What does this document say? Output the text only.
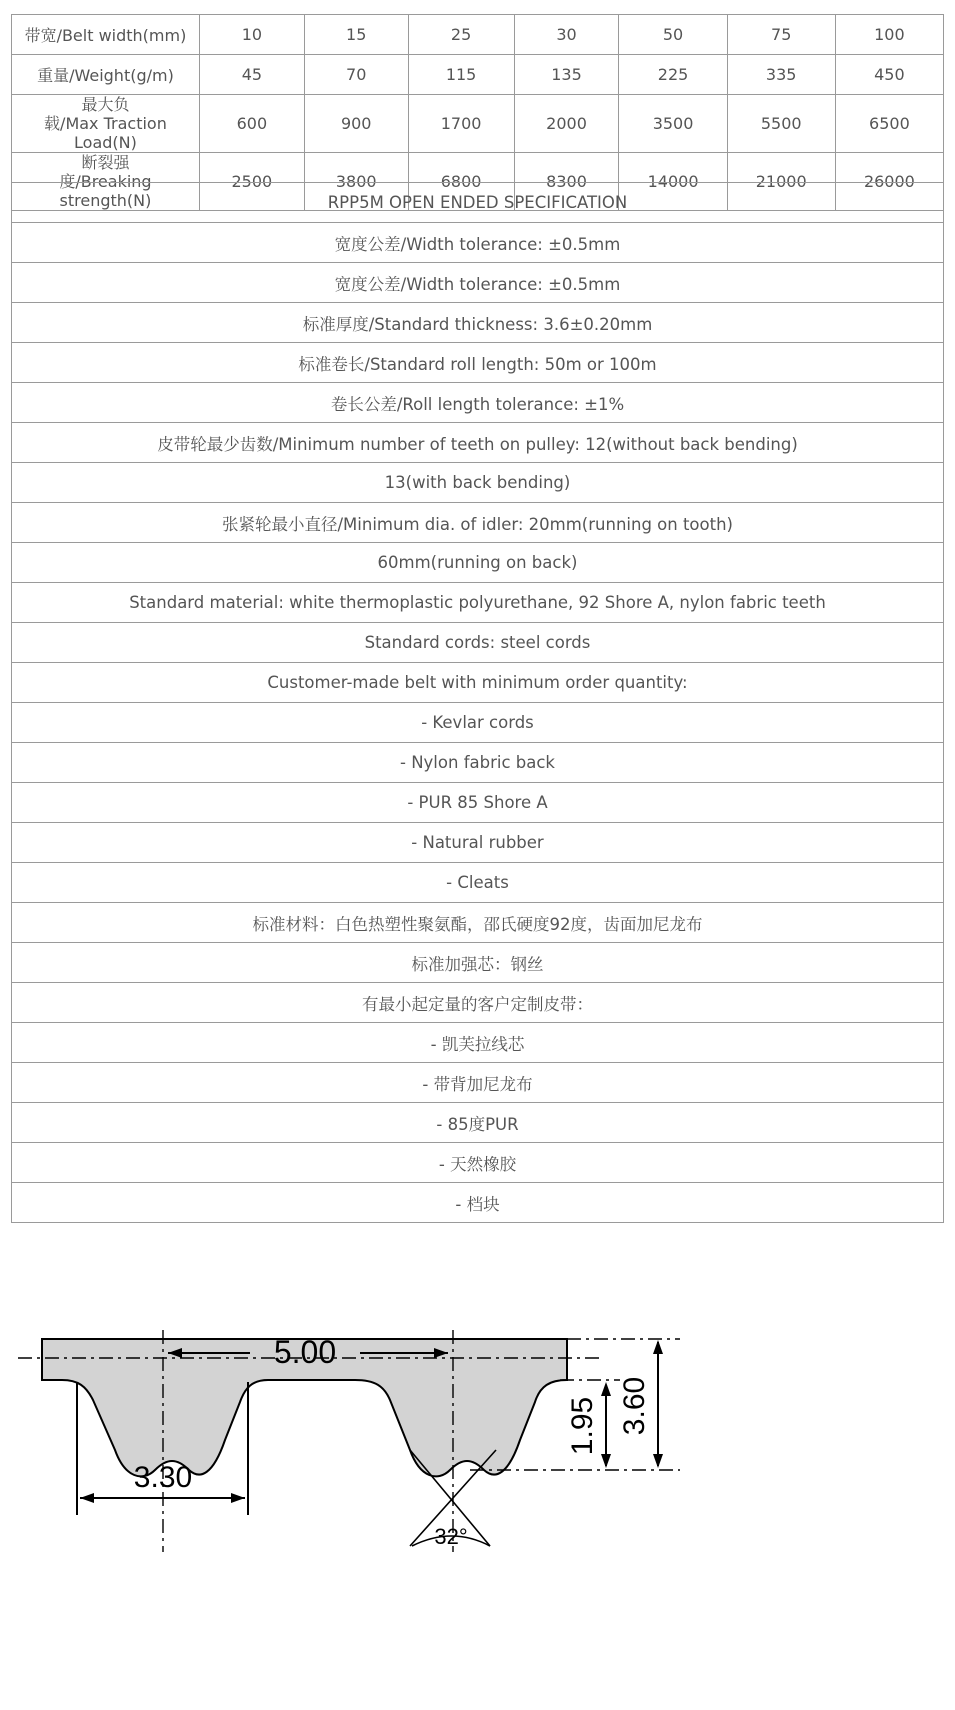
带宽/Belt width(mm)	10	15	25	30	50	75	100
重量/Weight(g/m)	45	70	115	135	225	335	450

最大负
载/Max Traction Load(N)	600	900	1700	2000	3500	5500	6500

断裂强
度/Breaking strength(N)	2500	3800	6800	8300	14000	21000	26000
RPP5M OPEN ENDED SPECIFICATION
宽度公差/Width tolerance: ±0.5mm
宽度公差/Width tolerance: ±0.5mm
标准厚度/Standard thickness: 3.6±0.20mm
标准卷长/Standard roll length: 50m or 100m
卷长公差/Roll length tolerance: ±1%
皮带轮最少齿数/Minimum number of teeth on pulley: 12(without back bending)
13(with back bending)
张紧轮最小直径/Minimum dia. of idler: 20mm(running on tooth)
60mm(running on back)
Standard material: white thermoplastic polyurethane, 92 Shore A, nylon fabric teeth
Standard cords: steel cords
Customer-made belt with minimum order quantity:
- Kevlar cords
- Nylon fabric back
- PUR 85 Shore A
- Natural rubber
- Cleats
标准材料：白色热塑性聚氨酯，邵氏硬度92度，齿面加尼龙布
标准加强芯：钢丝
有最小起定量的客户定制皮带：
- 凯芙拉线芯
- 带背加尼龙布
- 85度PUR
- 天然橡胶
- 档块
5.00
3.30
1.95 3.60
32°
